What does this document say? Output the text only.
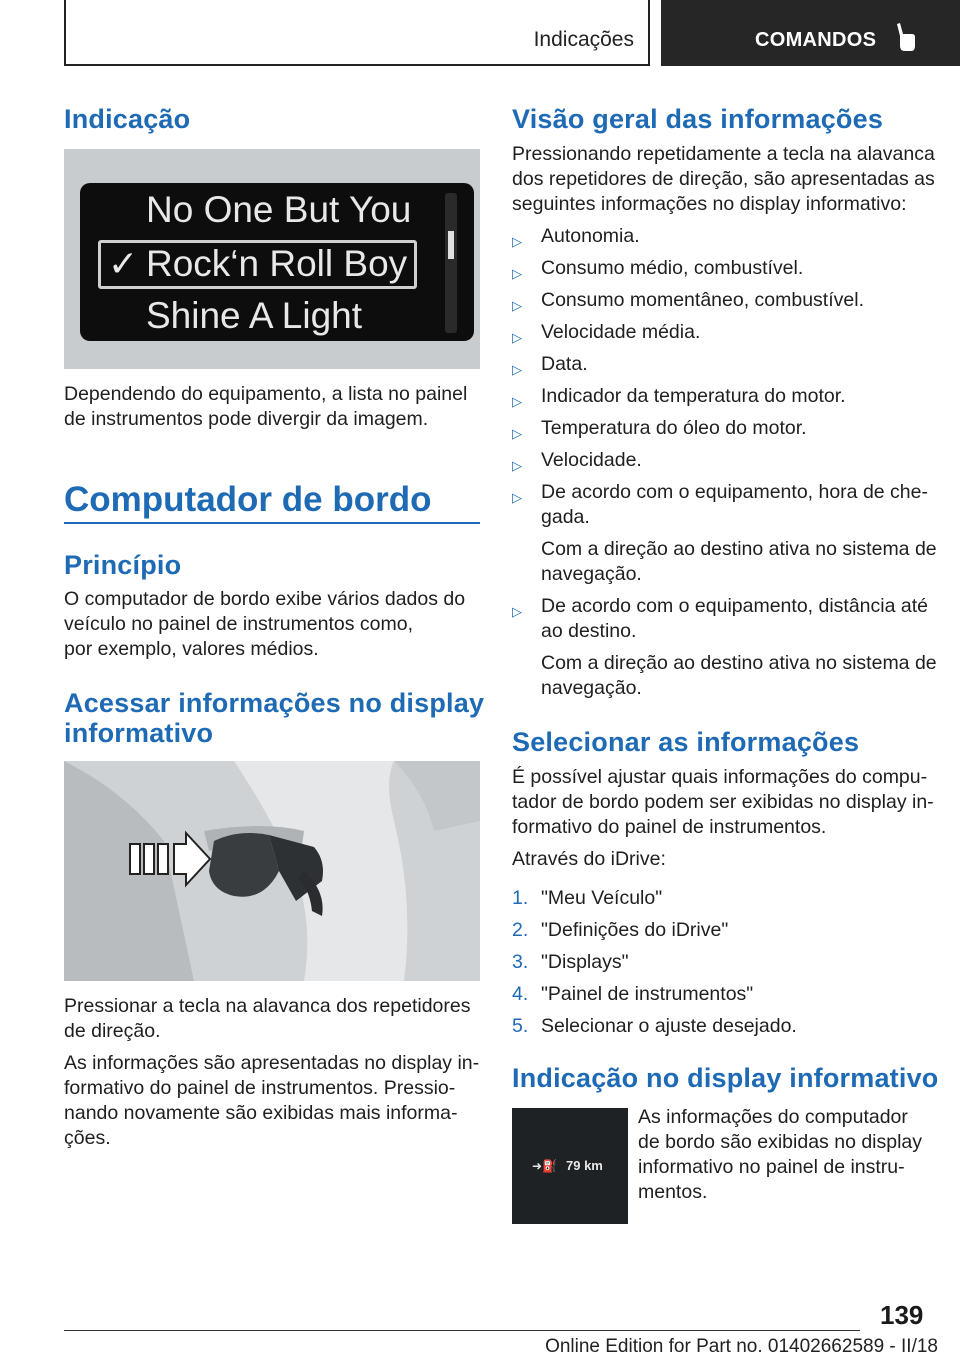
Indicações	COMANDOS
Indicação
No One But You
✓ Rock‘n Roll Boy
Shine A Light
Dependendo do equipamento, a lista no painel
de instrumentos pode divergir da imagem.
Computador de bordo
Princípio
O computador de bordo exibe vários dados do
veículo no painel de instrumentos como,
por exemplo, valores médios.
Acessar informações no display
informativo
Pressionar a tecla na alavanca dos repetidores
de direção.
As informações são apresentadas no display in‐
formativo do painel de instrumentos. Pressio‐
nando novamente são exibidas mais informa‐
ções.
Visão geral das informações
Pressionando repetidamente a tecla na alavanca
dos repetidores de direção, são apresentadas as
seguintes informações no display informativo:
▷ Autonomia.
▷ Consumo médio, combustível.
▷ Consumo momentâneo, combustível.
▷ Velocidade média.
▷ Data.
▷ Indicador da temperatura do motor.
▷ Temperatura do óleo do motor.
▷ Velocidade.
▷ De acordo com o equipamento, hora de che‐
gada.
Com a direção ao destino ativa no sistema de
navegação.
▷ De acordo com o equipamento, distância até
ao destino.
Com a direção ao destino ativa no sistema de
navegação.
Selecionar as informações
É possível ajustar quais informações do compu‐
tador de bordo podem ser exibidas no display in‐
formativo do painel de instrumentos.
Através do iDrive:
1. "Meu Veículo"
2. "Definições do iDrive"
3. "Displays"
4. "Painel de instrumentos"
5. Selecionar o ajuste desejado.
Indicação no display informativo
➜⛽ 79 km
As informações do computador
de bordo são exibidas no display
informativo no painel de instru‐
mentos.
139
Online Edition for Part no. 01402662589 - II/18
